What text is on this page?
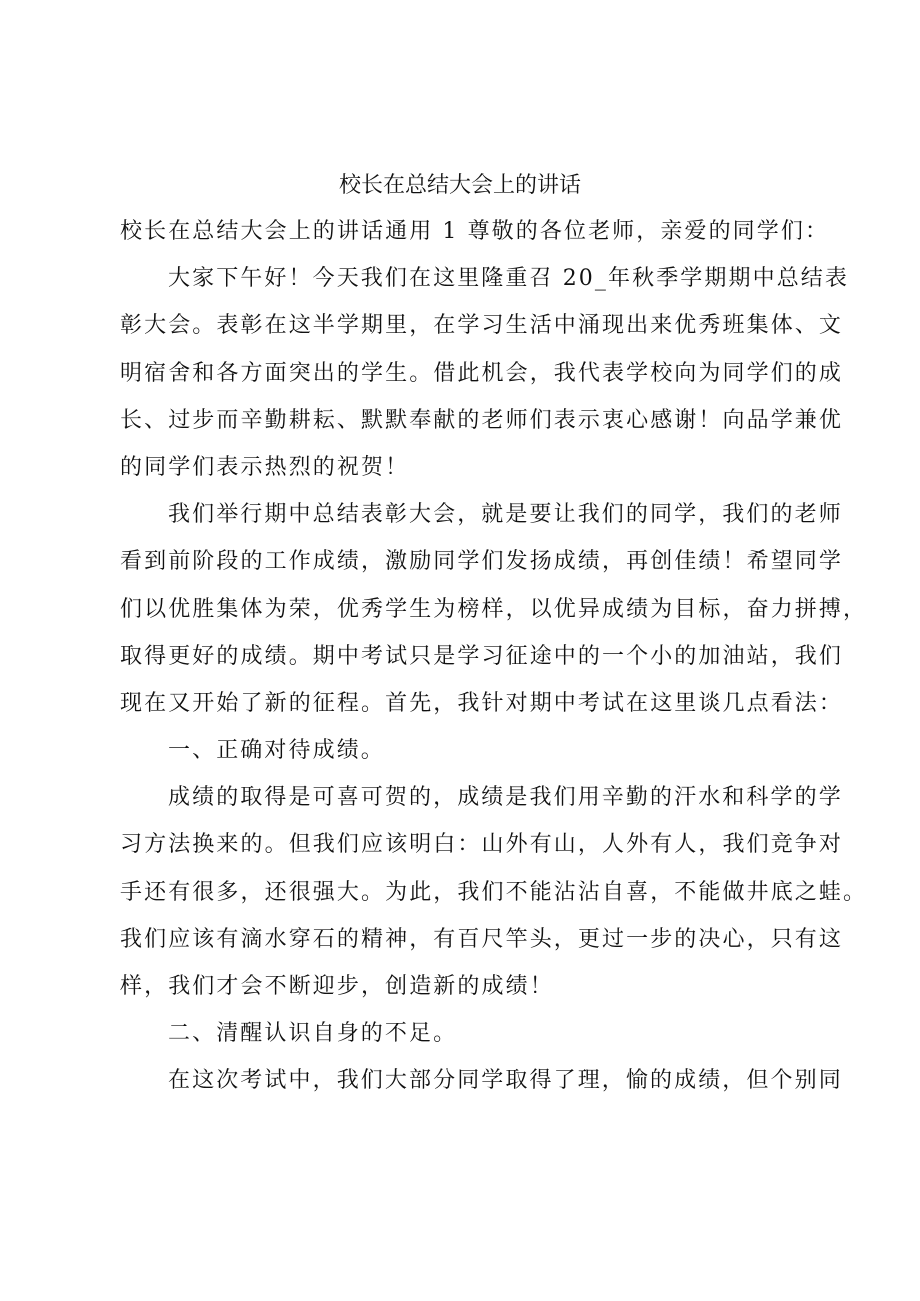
校长在总结大会上的讲话
校长在总结大会上的讲话通用 1 尊敬的各位老师，亲爱的同学们：
大家下午好！今天我们在这里隆重召 20_年秋季学期期中总结表
彰大会。表彰在这半学期里，在学习生活中涌现出来优秀班集体、文
明宿舍和各方面突出的学生。借此机会，我代表学校向为同学们的成
长、过步而辛勤耕耘、默默奉献的老师们表示衷心感谢！向品学兼优
的同学们表示热烈的祝贺！
我们举行期中总结表彰大会，就是要让我们的同学，我们的老师
看到前阶段的工作成绩，激励同学们发扬成绩，再创佳绩！希望同学
们以优胜集体为荣，优秀学生为榜样，以优异成绩为目标，奋力拼搏，
取得更好的成绩。期中考试只是学习征途中的一个小的加油站，我们
现在又开始了新的征程。首先，我针对期中考试在这里谈几点看法：
一、正确对待成绩。
成绩的取得是可喜可贺的，成绩是我们用辛勤的汗水和科学的学
习方法换来的。但我们应该明白：山外有山，人外有人，我们竞争对
手还有很多，还很强大。为此，我们不能沾沾自喜，不能做井底之蛙。
我们应该有滴水穿石的精神，有百尺竿头，更过一步的决心，只有这
样，我们才会不断迎步，创造新的成绩！
二、清醒认识自身的不足。
在这次考试中，我们大部分同学取得了理，愉的成绩，但个别同
